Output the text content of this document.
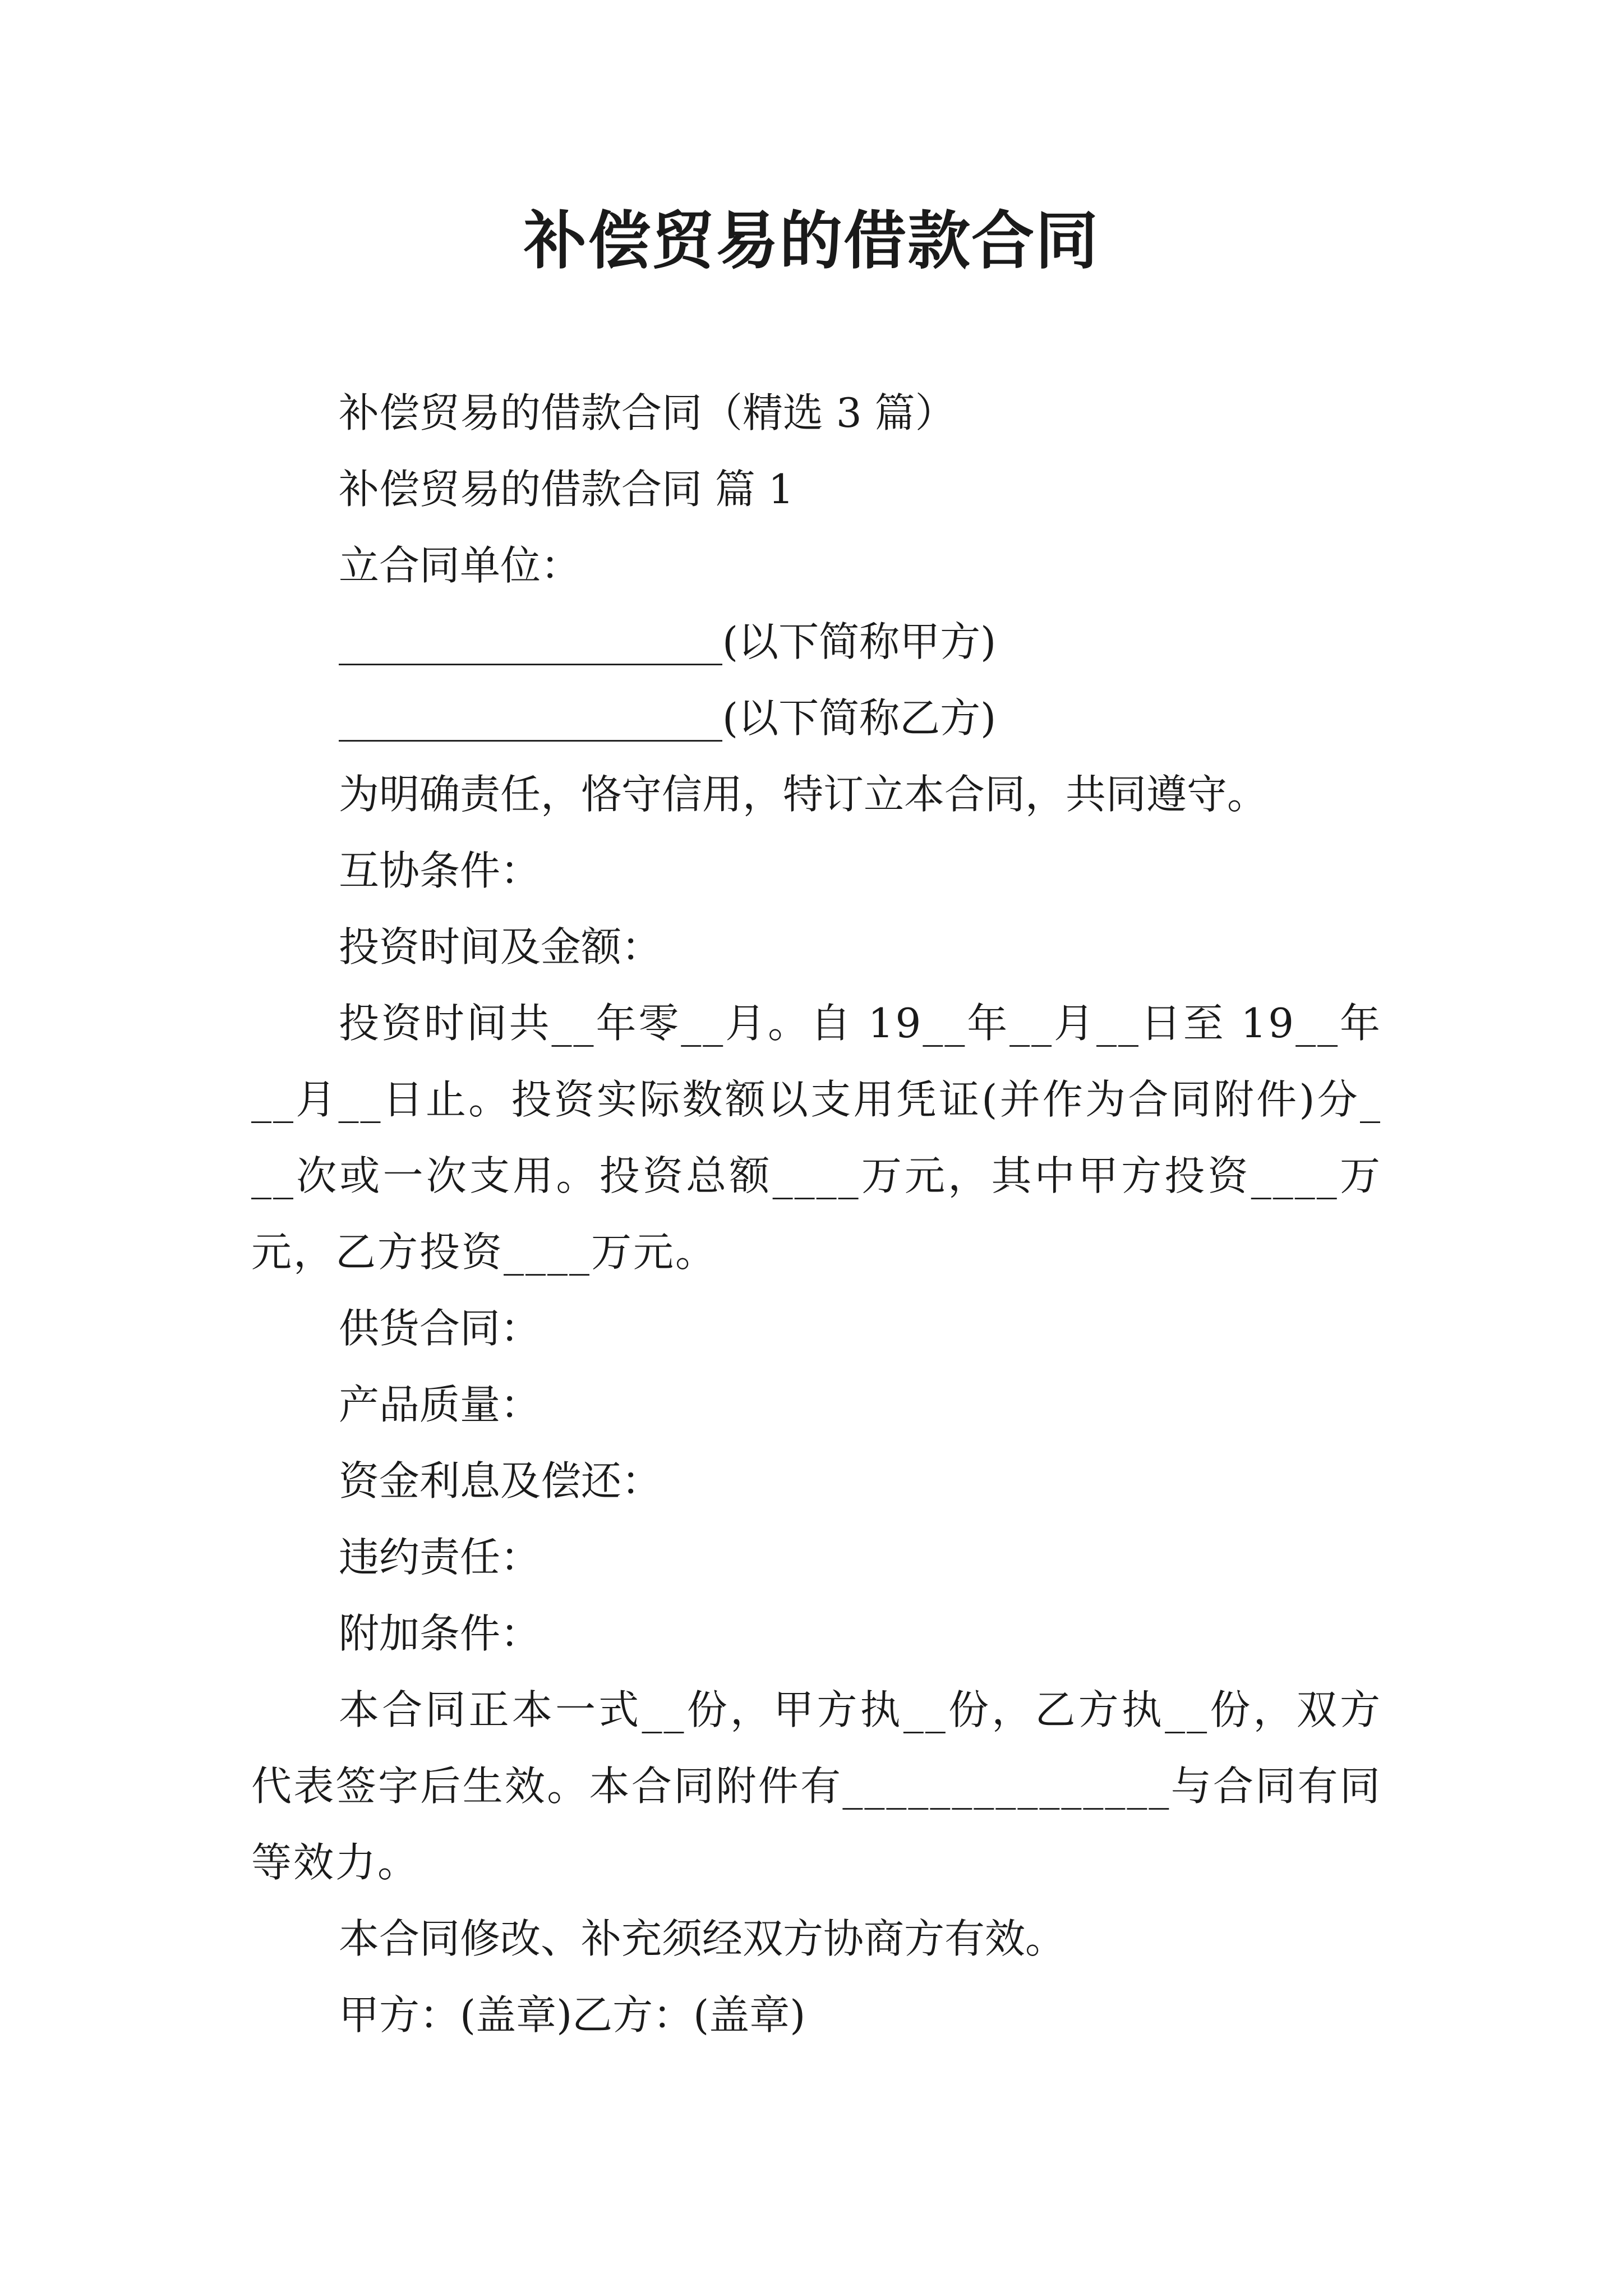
补偿贸易的借款合同

补偿贸易的借款合同（精选 3 篇）

补偿贸易的借款合同 篇 1

立合同单位：

___________________(以下简称甲方)

___________________(以下简称乙方)

为明确责任，恪守信用，特订立本合同，共同遵守。

互协条件：

投资时间及金额：

投资时间共__年零__月。自 19__年__月__日至 19__年__月__日止。投资实际数额以支用凭证(并作为合同附件)分___次或一次支用。投资总额____万元，其中甲方投资____万元，乙方投资____万元。

供货合同：

产品质量：

资金利息及偿还：

违约责任：

附加条件：

本合同正本一式__份，甲方执__份，乙方执__份，双方代表签字后生效。本合同附件有_______________与合同有同等效力。

本合同修改、补充须经双方协商方有效。

甲方：(盖章)乙方：(盖章)
